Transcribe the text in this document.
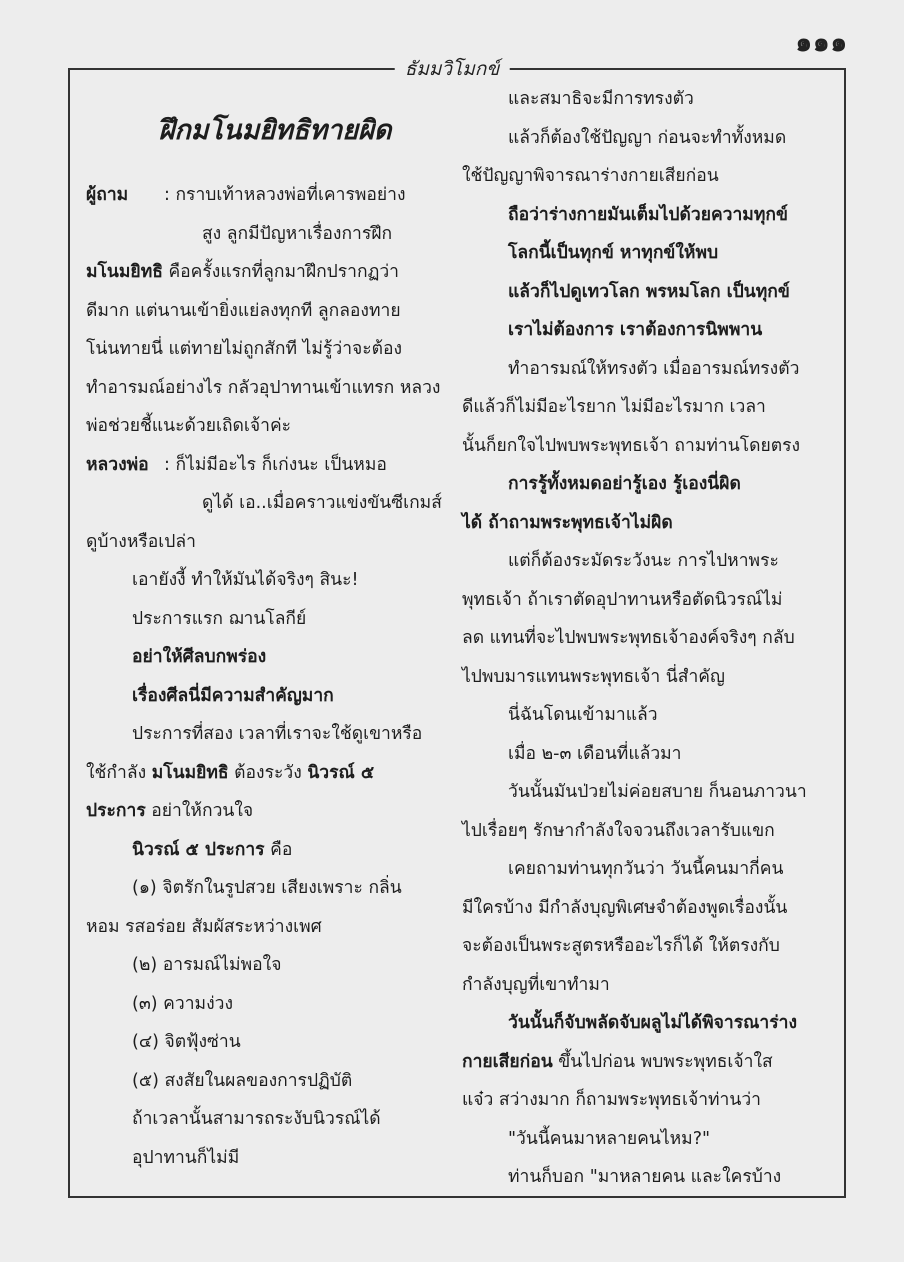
๑๑๑
ธัมมวิโมกข์
ฝึกมโนมยิทธิทายผิด
ผู้ถาม : กราบเท้าหลวงพ่อที่เคารพอย่าง
สูง ลูกมีปัญหาเรื่องการฝึก
มโนมยิทธิ คือครั้งแรกที่ลูกมาฝึกปรากฏว่า
ดีมาก แต่นานเข้ายิ่งแย่ลงทุกที ลูกลองทาย
โน่นทายนี่ แต่ทายไม่ถูกสักที ไม่รู้ว่าจะต้อง
ทำอารมณ์อย่างไร กลัวอุปาทานเข้าแทรก หลวง
พ่อช่วยชี้แนะด้วยเถิดเจ้าค่ะ
หลวงพ่อ : ก็ไม่มีอะไร ก็เก่งนะ เป็นหมอ
ดูได้ เอ..เมื่อคราวแข่งขันซีเกมส์
ดูบ้างหรือเปล่า
เอายังงี้ ทำให้มันได้จริงๆ สินะ!
ประการแรก ฌานโลกีย์
อย่าให้ศีลบกพร่อง
เรื่องศีลนี่มีความสำคัญมาก
ประการที่สอง เวลาที่เราจะใช้ดูเขาหรือ
ใช้กำลัง มโนมยิทธิ ต้องระวัง นิวรณ์ ๕
ประการ อย่าให้กวนใจ
นิวรณ์ ๕ ประการ คือ
(๑) จิตรักในรูปสวย เสียงเพราะ กลิ่น
หอม รสอร่อย สัมผัสระหว่างเพศ
(๒) อารมณ์ไม่พอใจ
(๓) ความง่วง
(๔) จิตฟุ้งซ่าน
(๕) สงสัยในผลของการปฏิบัติ
ถ้าเวลานั้นสามารถระงับนิวรณ์ได้
อุปาทานก็ไม่มี
และสมาธิจะมีการทรงตัว
แล้วก็ต้องใช้ปัญญา ก่อนจะทำทั้งหมด
ใช้ปัญญาพิจารณาร่างกายเสียก่อน
ถือว่าร่างกายมันเต็มไปด้วยความทุกข์
โลกนี้เป็นทุกข์ หาทุกข์ให้พบ
แล้วก็ไปดูเทวโลก พรหมโลก เป็นทุกข์
เราไม่ต้องการ เราต้องการนิพพาน
ทำอารมณ์ให้ทรงตัว เมื่ออารมณ์ทรงตัว
ดีแล้วก็ไม่มีอะไรยาก ไม่มีอะไรมาก เวลา
นั้นก็ยกใจไปพบพระพุทธเจ้า ถามท่านโดยตรง
การรู้ทั้งหมดอย่ารู้เอง รู้เองนี่ผิด
ได้ ถ้าถามพระพุทธเจ้าไม่ผิด
แต่ก็ต้องระมัดระวังนะ การไปหาพระ
พุทธเจ้า ถ้าเราตัดอุปาทานหรือตัดนิวรณ์ไม่
ลด แทนที่จะไปพบพระพุทธเจ้าองค์จริงๆ กลับ
ไปพบมารแทนพระพุทธเจ้า นี่สำคัญ
นี่ฉันโดนเข้ามาแล้ว
เมื่อ ๒-๓ เดือนที่แล้วมา
วันนั้นมันป่วยไม่ค่อยสบาย ก็นอนภาวนา
ไปเรื่อยๆ รักษากำลังใจจวนถึงเวลารับแขก
เคยถามท่านทุกวันว่า วันนี้คนมากี่คน
มีใครบ้าง มีกำลังบุญพิเศษจำต้องพูดเรื่องนั้น
จะต้องเป็นพระสูตรหรืออะไรก็ได้ ให้ตรงกับ
กำลังบุญที่เขาทำมา
วันนั้นก็จับพลัดจับผลูไม่ได้พิจารณาร่าง
กายเสียก่อน ขึ้นไปก่อน พบพระพุทธเจ้าใส
แจ๋ว สว่างมาก ก็ถามพระพุทธเจ้าท่านว่า
"วันนี้คนมาหลายคนไหม?"
ท่านก็บอก "มาหลายคน และใครบ้าง
